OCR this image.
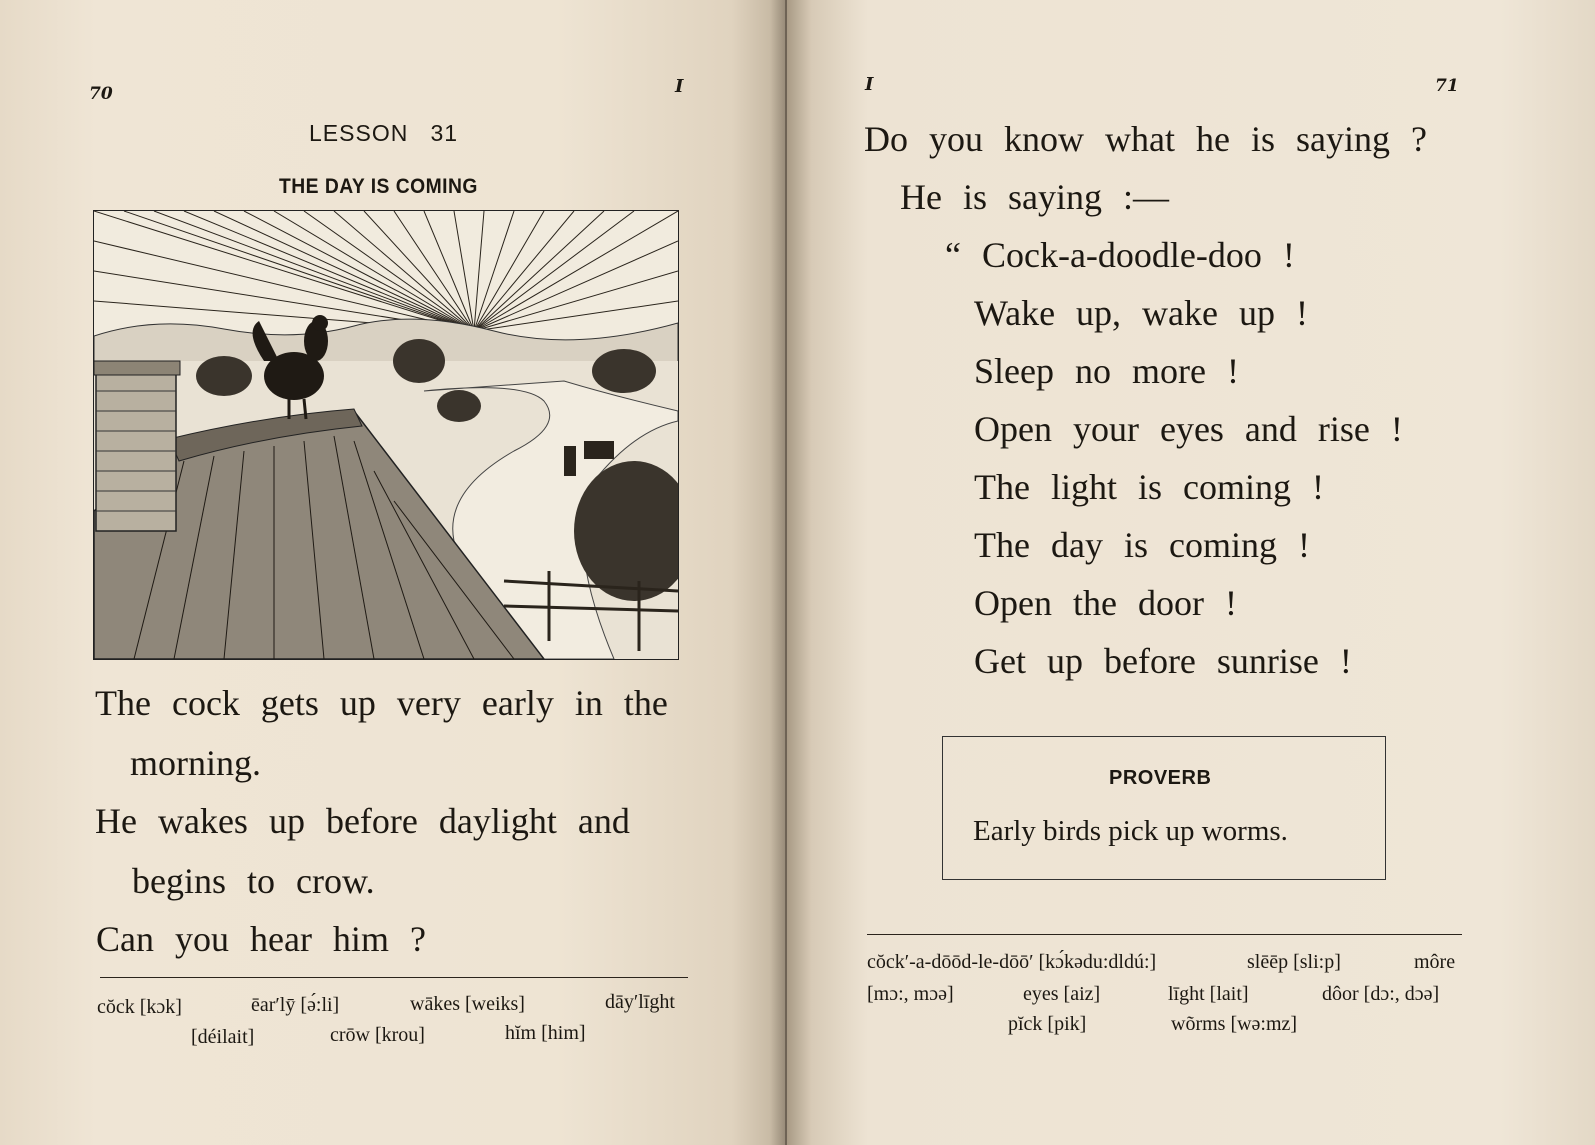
70	I
LESSON 31
THE DAY IS COMING
The cock gets up very early in the
morning.
He wakes up before daylight and
begins to crow.
Can you hear him ?
cŏck [kɔk]	ēar′lȳ [ə́:li]	wākes [weiks]	dāy′līght
[déilait]	crōw [krou]	hĭm [him]
I	71
Do you know what he is saying ?
He is saying :—
“ Cock-a-doodle-doo !
Wake up, wake up !
Sleep no more !
Open your eyes and rise !
The light is coming !
The day is coming !
Open the door !
Get up before sunrise !
cŏck′-a-dōōd-le-dōō′ [kɔ́kədu:dldú:]	slēēp [sli:p]	môre
[mɔ:, mɔə]	eyes [aiz]	līght [lait]	dôor [dɔ:, dɔə]
pĭck [pik]	wõrms [wə:mz]
PROVERB
Early birds pick up worms.
